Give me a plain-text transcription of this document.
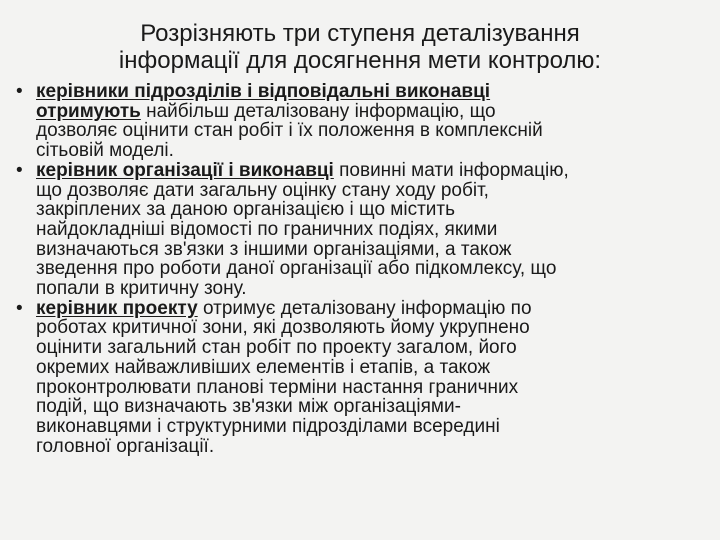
Розрізняють три ступеня деталізування
інформації для досягнення мети контролю:
• керівники підрозділів і відповідальні виконавці
отримують найбільш деталізовану інформацію, що
дозволяє оцінити стан робіт і їх положення в комплексній
сітьовій моделі.
• керівник організації і виконавці повинні мати інформацію,
що дозволяє дати загальну оцінку стану ходу робіт,
закріплених за даною організацією і що містить
найдокладніші відомості по граничних подіях, якими
визначаються зв'язки з іншими організаціями, а також
зведення про роботи даної організації або підкомлексу, що
попали в критичну зону.
• керівник проекту отримує деталізовану інформацію по
роботах критичної зони, які дозволяють йому укрупнено
оцінити загальний стан робіт по проекту загалом, його
окремих найважливіших елементів і етапів, а також
проконтролювати планові терміни настання граничних
подій, що визначають зв'язки між організаціями-
виконавцями і структурними підрозділами всередині
головної організації.
